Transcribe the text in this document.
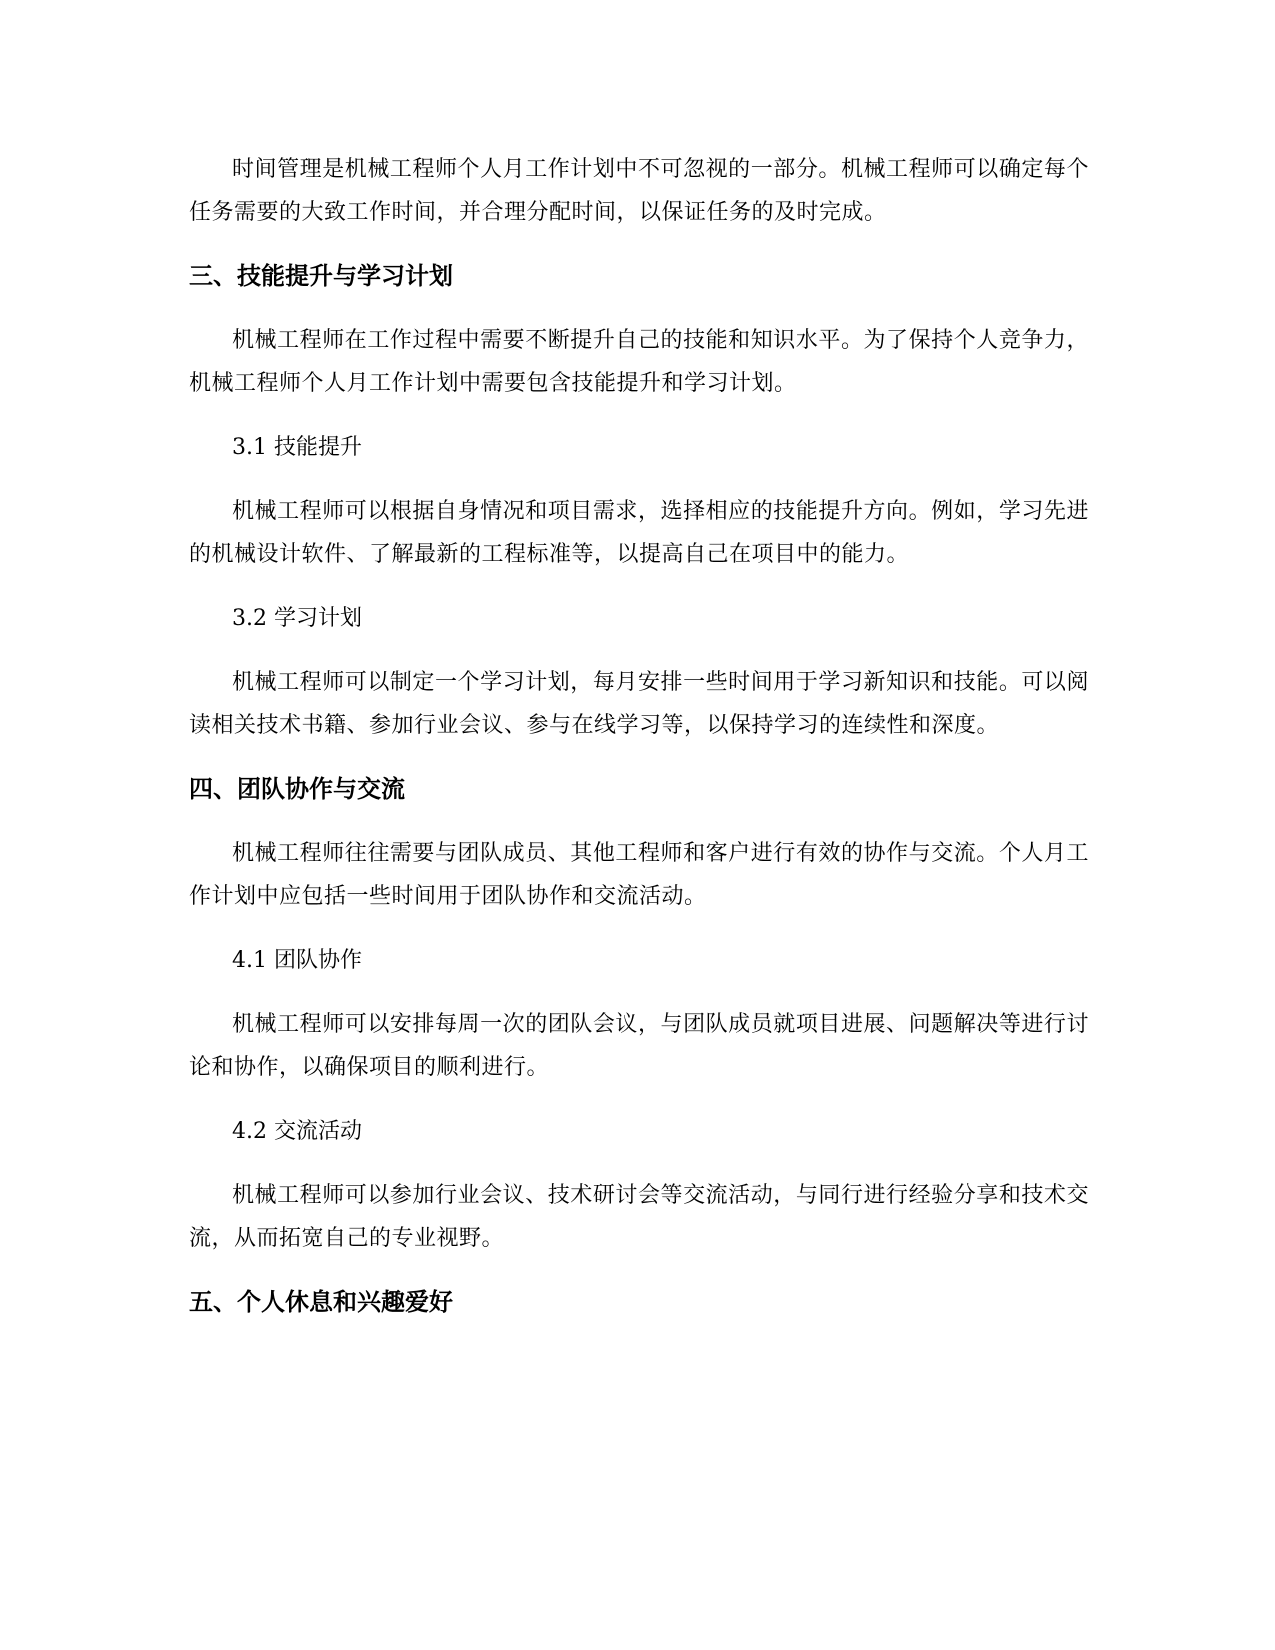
时间管理是机械工程师个人月工作计划中不可忽视的一部分。机械工程师可以确定每个任务需要的大致工作时间，并合理分配时间，以保证任务的及时完成。

三、技能提升与学习计划

机械工程师在工作过程中需要不断提升自己的技能和知识水平。为了保持个人竞争力，机械工程师个人月工作计划中需要包含技能提升和学习计划。

3.1 技能提升

机械工程师可以根据自身情况和项目需求，选择相应的技能提升方向。例如，学习先进的机械设计软件、了解最新的工程标准等，以提高自己在项目中的能力。

3.2 学习计划

机械工程师可以制定一个学习计划，每月安排一些时间用于学习新知识和技能。可以阅读相关技术书籍、参加行业会议、参与在线学习等，以保持学习的连续性和深度。

四、团队协作与交流

机械工程师往往需要与团队成员、其他工程师和客户进行有效的协作与交流。个人月工作计划中应包括一些时间用于团队协作和交流活动。

4.1 团队协作

机械工程师可以安排每周一次的团队会议，与团队成员就项目进展、问题解决等进行讨论和协作，以确保项目的顺利进行。

4.2 交流活动

机械工程师可以参加行业会议、技术研讨会等交流活动，与同行进行经验分享和技术交流，从而拓宽自己的专业视野。

五、个人休息和兴趣爱好
